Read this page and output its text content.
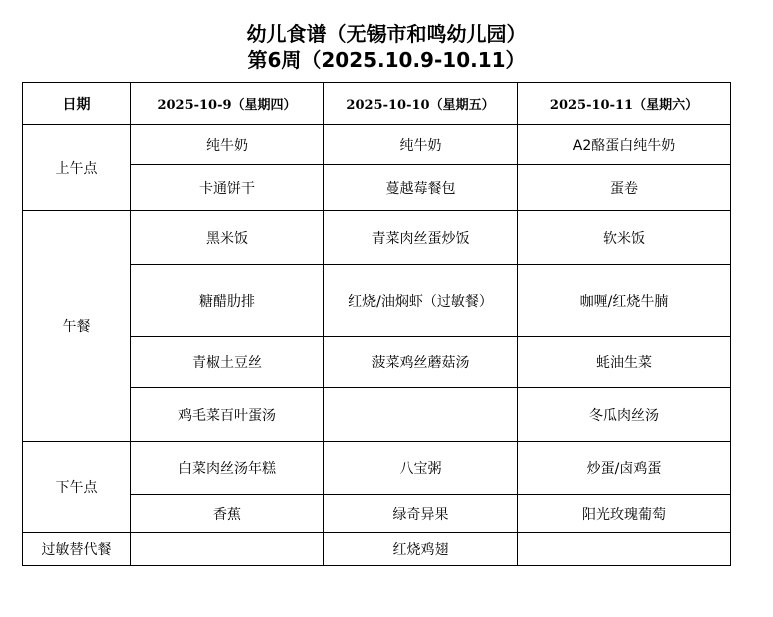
幼儿食谱（无锡市和鸣幼儿园）
第6周（2025.10.9-10.11）
日期	2025-10-9（星期四）	2025-10-10（星期五）	2025-10-11（星期六）
上午点	纯牛奶	纯牛奶	A2酪蛋白纯牛奶
	卡通饼干	蔓越莓餐包	蛋卷
午餐	黑米饭	青菜肉丝蛋炒饭	软米饭
	糖醋肋排	红烧/油焖虾（过敏餐）	咖喱/红烧牛腩
	青椒土豆丝	菠菜鸡丝蘑菇汤	蚝油生菜
	鸡毛菜百叶蛋汤		冬瓜肉丝汤
下午点	白菜肉丝汤年糕	八宝粥	炒蛋/卤鸡蛋
	香蕉	绿奇异果	阳光玫瑰葡萄
过敏替代餐		红烧鸡翅	
